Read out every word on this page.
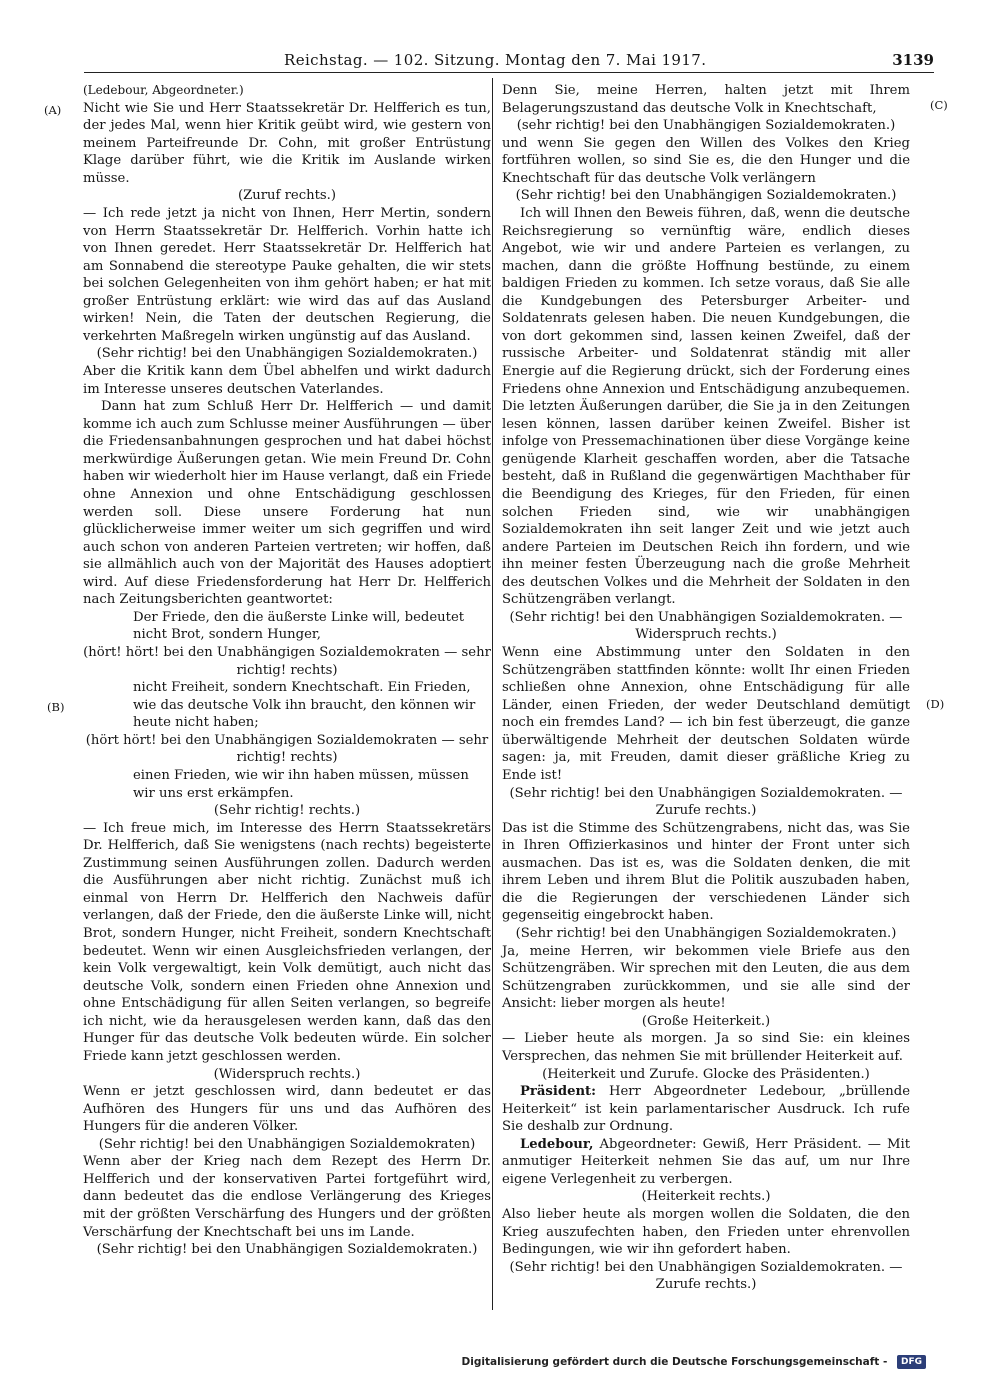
Reichstag. — 102. Sitzung. Montag den 7. Mai 1917.	3139
(A)
(B)
(C)
(D)

(Ledebour, Abgeordneter.)

Nicht wie Sie und Herr Staatssekretär Dr. Helfferich es tun, der jedes Mal, wenn hier Kritik geübt wird, wie gestern von meinem Parteifreunde Dr. Cohn, mit großer Entrüstung Klage darüber führt, wie die Kritik im Auslande wirken müsse.

(Zuruf rechts.)

— Ich rede jetzt ja nicht von Ihnen, Herr Mertin, sondern von Herrn Staatssekretär Dr. Helfferich. Vorhin hatte ich von Ihnen geredet. Herr Staatssekretär Dr. Helfferich hat am Sonnabend die stereotype Pauke gehalten, die wir stets bei solchen Gelegenheiten von ihm gehört haben; er hat mit großer Entrüstung erklärt: wie wird das auf das Ausland wirken! Nein, die Taten der deutschen Regierung, die verkehrten Maßregeln wirken ungünstig auf das Ausland.

(Sehr richtig! bei den Unabhängigen Sozialdemokraten.)

Aber die Kritik kann dem Übel abhelfen und wirkt dadurch im Interesse unseres deutschen Vaterlandes.

Dann hat zum Schluß Herr Dr. Helfferich — und damit komme ich auch zum Schlusse meiner Ausführungen — über die Friedensanbahnungen gesprochen und hat dabei höchst merkwürdige Äußerungen getan. Wie mein Freund Dr. Cohn haben wir wiederholt hier im Hause verlangt, daß ein Friede ohne Annexion und ohne Entschädigung geschlossen werden soll. Diese unsere Forderung hat nun glücklicherweise immer weiter um sich gegriffen und wird auch schon von anderen Parteien vertreten; wir hoffen, daß sie allmählich auch von der Majorität des Hauses adoptiert wird. Auf diese Friedensforderung hat Herr Dr. Helfferich nach Zeitungsberichten geantwortet:

Der Friede, den die äußerste Linke will, bedeutet nicht Brot, sondern Hunger,

(hört! hört! bei den Unabhängigen Sozialdemokraten — sehr richtig! rechts)

nicht Freiheit, sondern Knechtschaft. Ein Frieden, wie das deutsche Volk ihn braucht, den können wir heute nicht haben;

(hört hört! bei den Unabhängigen Sozialdemokraten — sehr richtig! rechts)

einen Frieden, wie wir ihn haben müssen, müssen wir uns erst erkämpfen.

(Sehr richtig! rechts.)

— Ich freue mich, im Interesse des Herrn Staatssekretärs Dr. Helfferich, daß Sie wenigstens (nach rechts) begeisterte Zustimmung seinen Ausführungen zollen. Dadurch werden die Ausführungen aber nicht richtig. Zunächst muß ich einmal von Herrn Dr. Helfferich den Nachweis dafür verlangen, daß der Friede, den die äußerste Linke will, nicht Brot, sondern Hunger, nicht Freiheit, sondern Knechtschaft bedeutet. Wenn wir einen Ausgleichsfrieden verlangen, der kein Volk vergewaltigt, kein Volk demütigt, auch nicht das deutsche Volk, sondern einen Frieden ohne Annexion und ohne Entschädigung für allen Seiten verlangen, so begreife ich nicht, wie da herausgelesen werden kann, daß das den Hunger für das deutsche Volk bedeuten würde. Ein solcher Friede kann jetzt geschlossen werden.

(Widerspruch rechts.)

Wenn er jetzt geschlossen wird, dann bedeutet er das Aufhören des Hungers für uns und das Aufhören des Hungers für die anderen Völker.

(Sehr richtig! bei den Unabhängigen Sozialdemokraten)

Wenn aber der Krieg nach dem Rezept des Herrn Dr. Helfferich und der konservativen Partei fortgeführt wird, dann bedeutet das die endlose Verlängerung des Krieges mit der größten Verschärfung des Hungers und der größten Verschärfung der Knechtschaft bei uns im Lande.

(Sehr richtig! bei den Unabhängigen Sozialdemokraten.)

Denn Sie, meine Herren, halten jetzt mit Ihrem Belagerungszustand das deutsche Volk in Knechtschaft,

(sehr richtig! bei den Unabhängigen Sozialdemokraten.)

und wenn Sie gegen den Willen des Volkes den Krieg fortführen wollen, so sind Sie es, die den Hunger und die Knechtschaft für das deutsche Volk verlängern

(Sehr richtig! bei den Unabhängigen Sozialdemokraten.)

Ich will Ihnen den Beweis führen, daß, wenn die deutsche Reichsregierung so vernünftig wäre, endlich dieses Angebot, wie wir und andere Parteien es verlangen, zu machen, dann die größte Hoffnung bestünde, zu einem baldigen Frieden zu kommen. Ich setze voraus, daß Sie alle die Kundgebungen des Petersburger Arbeiter- und Soldatenrats gelesen haben. Die neuen Kundgebungen, die von dort gekommen sind, lassen keinen Zweifel, daß der russische Arbeiter- und Soldatenrat ständig mit aller Energie auf die Regierung drückt, sich der Forderung eines Friedens ohne Annexion und Entschädigung anzubequemen. Die letzten Äußerungen darüber, die Sie ja in den Zeitungen lesen können, lassen darüber keinen Zweifel. Bisher ist infolge von Pressemachinationen über diese Vorgänge keine genügende Klarheit geschaffen worden, aber die Tatsache besteht, daß in Rußland die gegenwärtigen Machthaber für die Beendigung des Krieges, für den Frieden, für einen solchen Frieden sind, wie wir unabhängigen Sozialdemokraten ihn seit langer Zeit und wie jetzt auch andere Parteien im Deutschen Reich ihn fordern, und wie ihn meiner festen Überzeugung nach die große Mehrheit des deutschen Volkes und die Mehrheit der Soldaten in den Schützengräben verlangt.

(Sehr richtig! bei den Unabhängigen Sozialdemokraten. — Widerspruch rechts.)

Wenn eine Abstimmung unter den Soldaten in den Schützengräben stattfinden könnte: wollt Ihr einen Frieden schließen ohne Annexion, ohne Entschädigung für alle Länder, einen Frieden, der weder Deutschland demütigt noch ein fremdes Land? — ich bin fest überzeugt, die ganze überwältigende Mehrheit der deutschen Soldaten würde sagen: ja, mit Freuden, damit dieser gräßliche Krieg zu Ende ist!

(Sehr richtig! bei den Unabhängigen Sozialdemokraten. — Zurufe rechts.)

Das ist die Stimme des Schützengrabens, nicht das, was Sie in Ihren Offizierkasinos und hinter der Front unter sich ausmachen. Das ist es, was die Soldaten denken, die mit ihrem Leben und ihrem Blut die Politik auszubaden haben, die die Regierungen der verschiedenen Länder sich gegenseitig eingebrockt haben.

(Sehr richtig! bei den Unabhängigen Sozialdemokraten.)

Ja, meine Herren, wir bekommen viele Briefe aus den Schützengräben. Wir sprechen mit den Leuten, die aus dem Schützengraben zurückkommen, und sie alle sind der Ansicht: lieber morgen als heute!

(Große Heiterkeit.)

— Lieber heute als morgen. Ja so sind Sie: ein kleines Versprechen, das nehmen Sie mit brüllender Heiterkeit auf.

(Heiterkeit und Zurufe. Glocke des Präsidenten.)

Präsident: Herr Abgeordneter Ledebour, „brüllende Heiterkeit“ ist kein parlamentarischer Ausdruck. Ich rufe Sie deshalb zur Ordnung.

Ledebour, Abgeordneter: Gewiß, Herr Präsident. — Mit anmutiger Heiterkeit nehmen Sie das auf, um nur Ihre eigene Verlegenheit zu verbergen.

(Heiterkeit rechts.)

Also lieber heute als morgen wollen die Soldaten, die den Krieg auszufechten haben, den Frieden unter ehrenvollen Bedingungen, wie wir ihn gefordert haben.

(Sehr richtig! bei den Unabhängigen Sozialdemokraten. — Zurufe rechts.)

Digitalisierung gefördert durch die Deutsche Forschungsgemeinschaft - DFG
